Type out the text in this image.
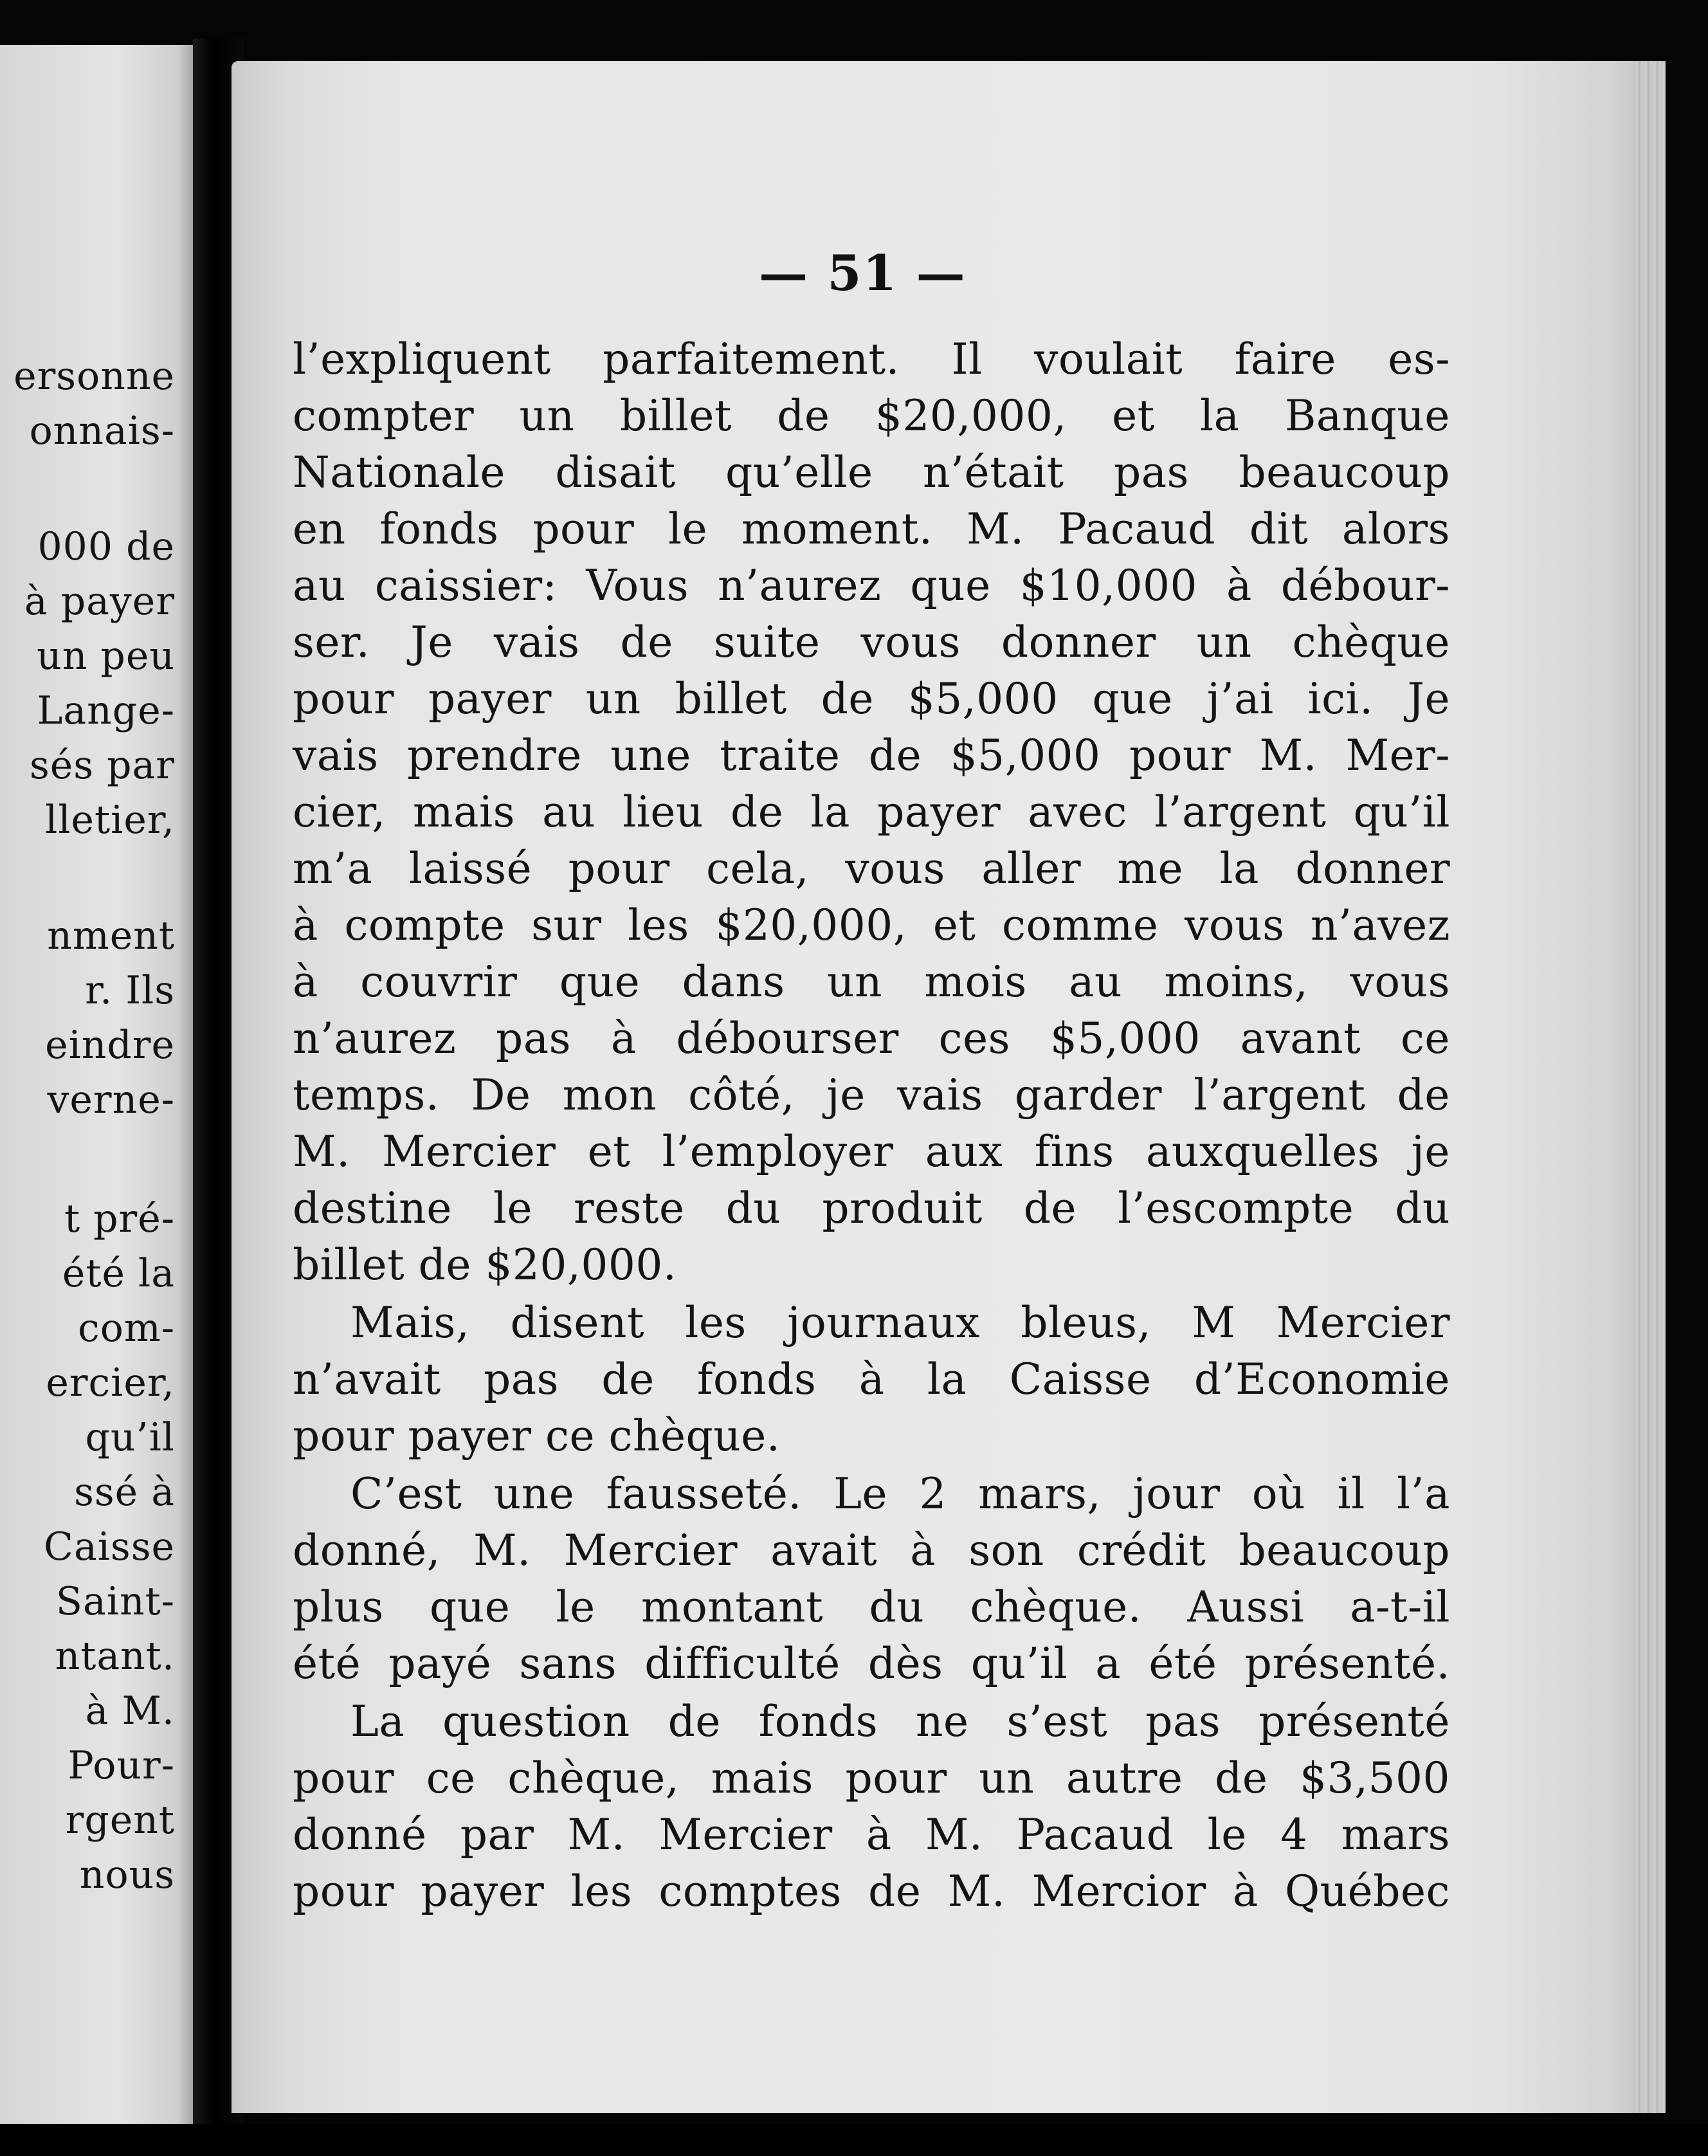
ersonne
onnais-
000 de
à payer
un peu
Lange-
sés par
lletier,
nment
r. Ils
eindre
verne-
t pré-
été la
com-
ercier,
qu’il
ssé à
Caisse
Saint-
ntant.
à M.
Pour-
rgent
nous
— 51 —
l’expliquent parfaitement. Il voulait faire es-
compter un billet de $20,000, et la Banque
Nationale disait qu’elle n’était pas beaucoup
en fonds pour le moment. M. Pacaud dit alors
au caissier: Vous n’aurez que $10,000 à débour-
ser. Je vais de suite vous donner un chèque
pour payer un billet de $5,000 que j’ai ici. Je
vais prendre une traite de $5,000 pour M. Mer-
cier, mais au lieu de la payer avec l’argent qu’il
m’a laissé pour cela, vous aller me la donner
à compte sur les $20,000, et comme vous n’avez
à couvrir que dans un mois au moins, vous
n’aurez pas à débourser ces $5,000 avant ce
temps. De mon côté, je vais garder l’argent de
M. Mercier et l’employer aux fins auxquelles je
destine le reste du produit de l’escompte du
billet de $20,000.
Mais, disent les journaux bleus, M Mercier
n’avait pas de fonds à la Caisse d’Economie
pour payer ce chèque.
C’est une fausseté. Le 2 mars, jour où il l’a
donné, M. Mercier avait à son crédit beaucoup
plus que le montant du chèque. Aussi a-t-il
été payé sans difficulté dès qu’il a été présenté.
La question de fonds ne s’est pas présenté
pour ce chèque, mais pour un autre de $3,500
donné par M. Mercier à M. Pacaud le 4 mars
pour payer les comptes de M. Mercior à Québec
